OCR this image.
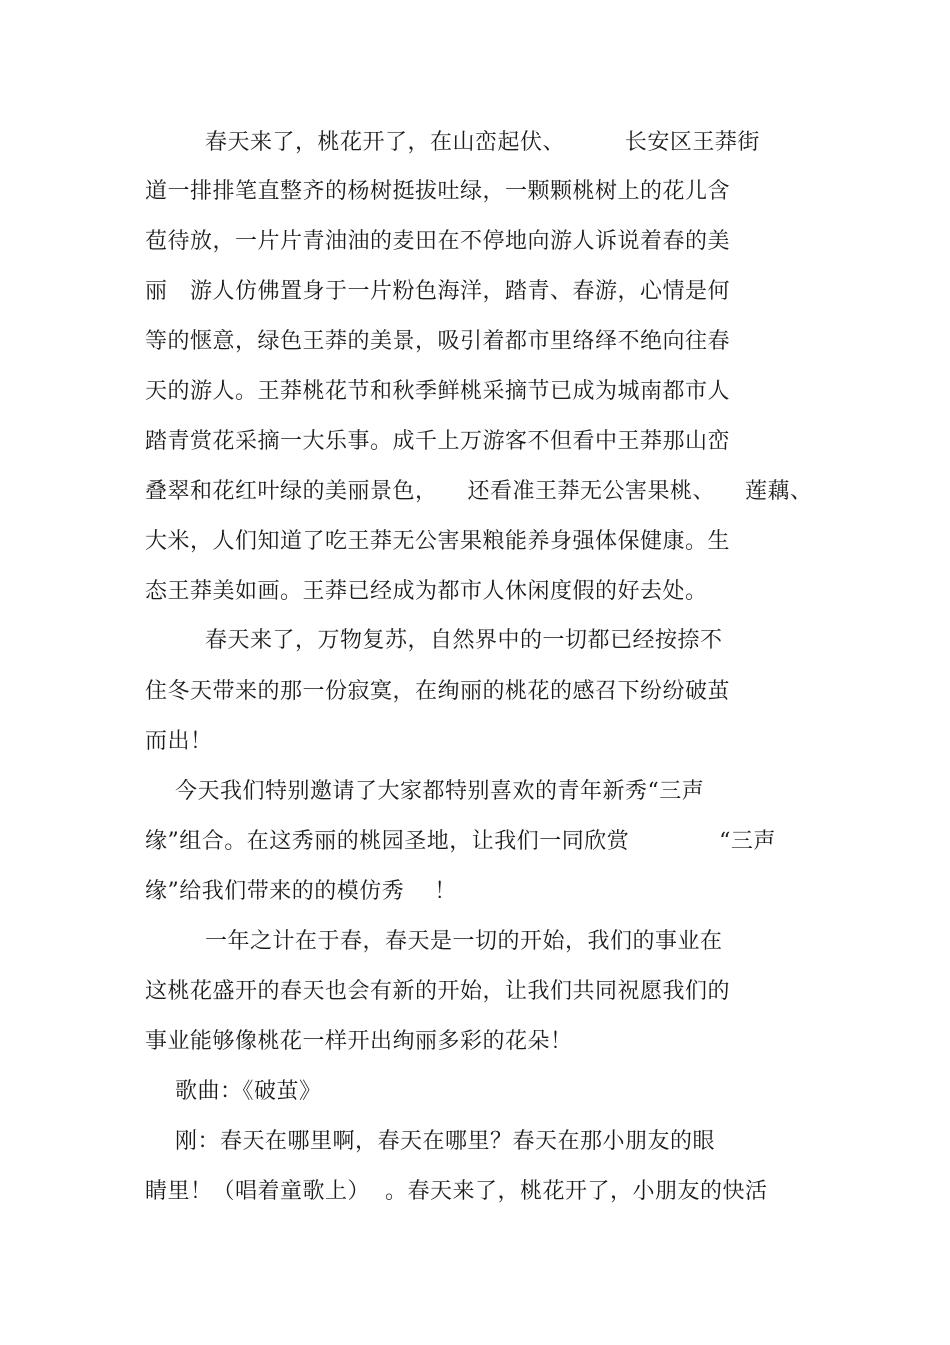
春天来了，桃花开了，在山峦起伏、        长安区王莽街
道一排排笔直整齐的杨树挺拔吐绿，一颗颗桃树上的花儿含
苞待放，一片片青油油的麦田在不停地向游人诉说着春的美
丽   游人仿佛置身于一片粉色海洋，踏青、春游，心情是何
等的惬意，绿色王莽的美景，吸引着都市里络绎不绝向往春
天的游人。王莽桃花节和秋季鲜桃采摘节已成为城南都市人
踏青赏花采摘一大乐事。成千上万游客不但看中王莽那山峦
叠翠和花红叶绿的美丽景色，    还看准王莽无公害果桃、    莲藕、
大米，人们知道了吃王莽无公害果粮能养身强体保健康。生
态王莽美如画。王莽已经成为都市人休闲度假的好去处。
春天来了，万物复苏，自然界中的一切都已经按捺不
住冬天带来的那一份寂寞，在绚丽的桃花的感召下纷纷破茧
而出！
今天我们特别邀请了大家都特别喜欢的青年新秀“三声
缘”组合。在这秀丽的桃园圣地，让我们一同欣赏            “三声
缘”给我们带来的的模仿秀    ！
一年之计在于春，春天是一切的开始，我们的事业在
这桃花盛开的春天也会有新的开始，让我们共同祝愿我们的
事业能够像桃花一样开出绚丽多彩的花朵！
歌曲：《破茧》
刚：春天在哪里啊，春天在哪里？春天在那小朋友的眼
睛里！（唱着童歌上）  。春天来了，桃花开了，小朋友的快活
